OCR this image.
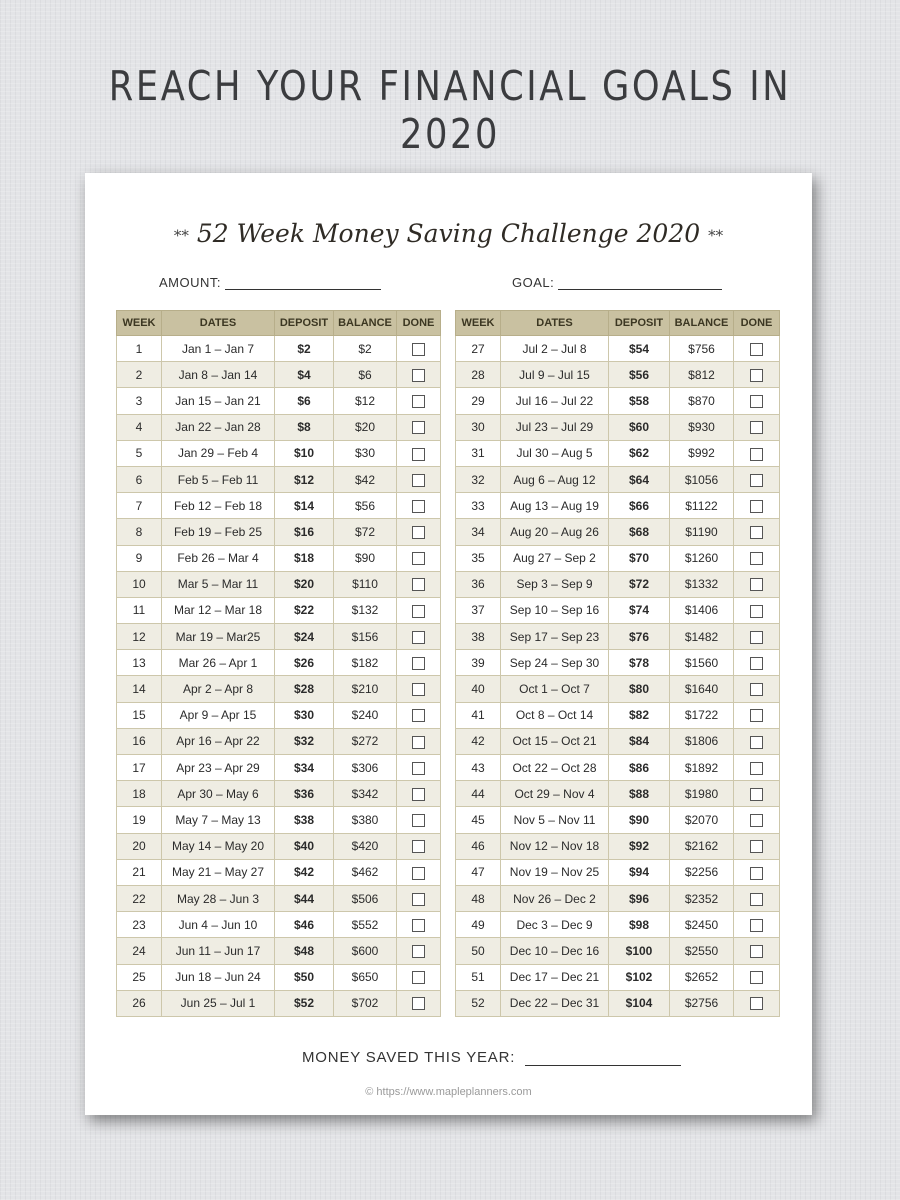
REACH YOUR FINANCIAL GOALS IN 2020
** 52 Week Money Saving Challenge 2020 **
AMOUNT:	GOAL:
WEEK	DATES	DEPOSIT	BALANCE	DONE
1	Jan 1 – Jan 7	$2	$2	
2	Jan 8 – Jan 14	$4	$6	
3	Jan 15 – Jan 21	$6	$12	
4	Jan 22 – Jan 28	$8	$20	
5	Jan 29 – Feb 4	$10	$30	
6	Feb 5 – Feb 11	$12	$42	
7	Feb 12 – Feb 18	$14	$56	
8	Feb 19 – Feb 25	$16	$72	
9	Feb 26 – Mar 4	$18	$90	
10	Mar 5 – Mar 11	$20	$110	
11	Mar 12 – Mar 18	$22	$132	
12	Mar 19 – Mar25	$24	$156	
13	Mar 26 – Apr 1	$26	$182	
14	Apr 2 – Apr 8	$28	$210	
15	Apr 9 – Apr 15	$30	$240	
16	Apr 16 – Apr 22	$32	$272	
17	Apr 23 – Apr 29	$34	$306	
18	Apr 30 – May 6	$36	$342	
19	May 7 – May 13	$38	$380	
20	May 14 – May 20	$40	$420	
21	May 21 – May 27	$42	$462	
22	May 28 – Jun 3	$44	$506	
23	Jun 4 – Jun 10	$46	$552	
24	Jun 11 – Jun 17	$48	$600	
25	Jun 18 – Jun 24	$50	$650	
26	Jun 25 – Jul 1	$52	$702	
WEEK	DATES	DEPOSIT	BALANCE	DONE
27	Jul 2 – Jul 8	$54	$756	
28	Jul 9 – Jul 15	$56	$812	
29	Jul 16 – Jul 22	$58	$870	
30	Jul 23 – Jul 29	$60	$930	
31	Jul 30 – Aug 5	$62	$992	
32	Aug 6 – Aug 12	$64	$1056	
33	Aug 13 – Aug 19	$66	$1122	
34	Aug 20 – Aug 26	$68	$1190	
35	Aug 27 – Sep 2	$70	$1260	
36	Sep 3 – Sep 9	$72	$1332	
37	Sep 10 – Sep 16	$74	$1406	
38	Sep 17 – Sep 23	$76	$1482	
39	Sep 24 – Sep 30	$78	$1560	
40	Oct 1 – Oct 7	$80	$1640	
41	Oct 8 – Oct 14	$82	$1722	
42	Oct 15 – Oct 21	$84	$1806	
43	Oct 22 – Oct 28	$86	$1892	
44	Oct 29 – Nov 4	$88	$1980	
45	Nov 5 – Nov 11	$90	$2070	
46	Nov 12 – Nov 18	$92	$2162	
47	Nov 19 – Nov 25	$94	$2256	
48	Nov 26 – Dec 2	$96	$2352	
49	Dec 3 – Dec 9	$98	$2450	
50	Dec 10 – Dec 16	$100	$2550	
51	Dec 17 – Dec 21	$102	$2652	
52	Dec 22 – Dec 31	$104	$2756	
MONEY SAVED THIS YEAR:
© https://www.mapleplanners.com
